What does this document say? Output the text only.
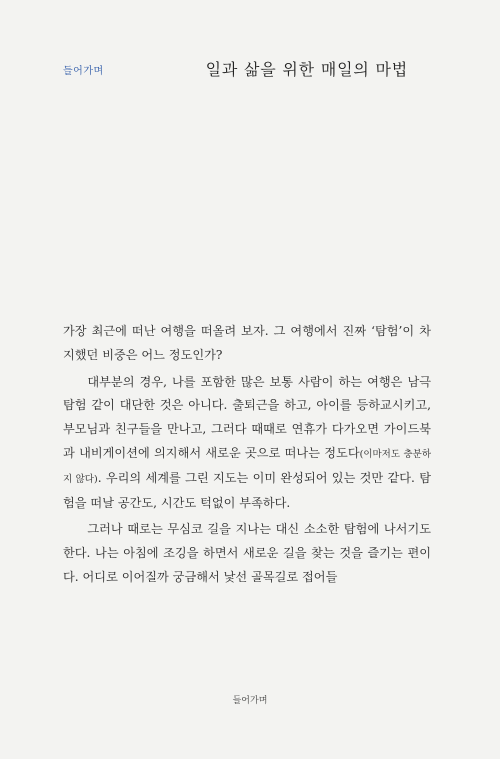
들어가며	일과 삶을 위한 매일의 마법

가장 최근에 떠난 여행을 떠올려 보자. 그 여행에서 진짜 ‘탐험’이 차지했던 비중은 어느 정도인가?

대부분의 경우, 나를 포함한 많은 보통 사람이 하는 여행은 남극탐험 같이 대단한 것은 아니다. 출퇴근을 하고, 아이를 등하교시키고, 부모님과 친구들을 만나고, 그러다 때때로 연휴가 다가오면 가이드북과 내비게이션에 의지해서 새로운 곳으로 떠나는 정도다(이마저도 충분하지 않다). 우리의 세계를 그린 지도는 이미 완성되어 있는 것만 같다. 탐험을 떠날 공간도, 시간도 턱없이 부족하다.

그러나 때로는 무심코 길을 지나는 대신 소소한 탐험에 나서기도 한다. 나는 아침에 조깅을 하면서 새로운 길을 찾는 것을 즐기는 편이다. 어디로 이어질까 궁금해서 낯선 골목길로 접어들

들어가며
